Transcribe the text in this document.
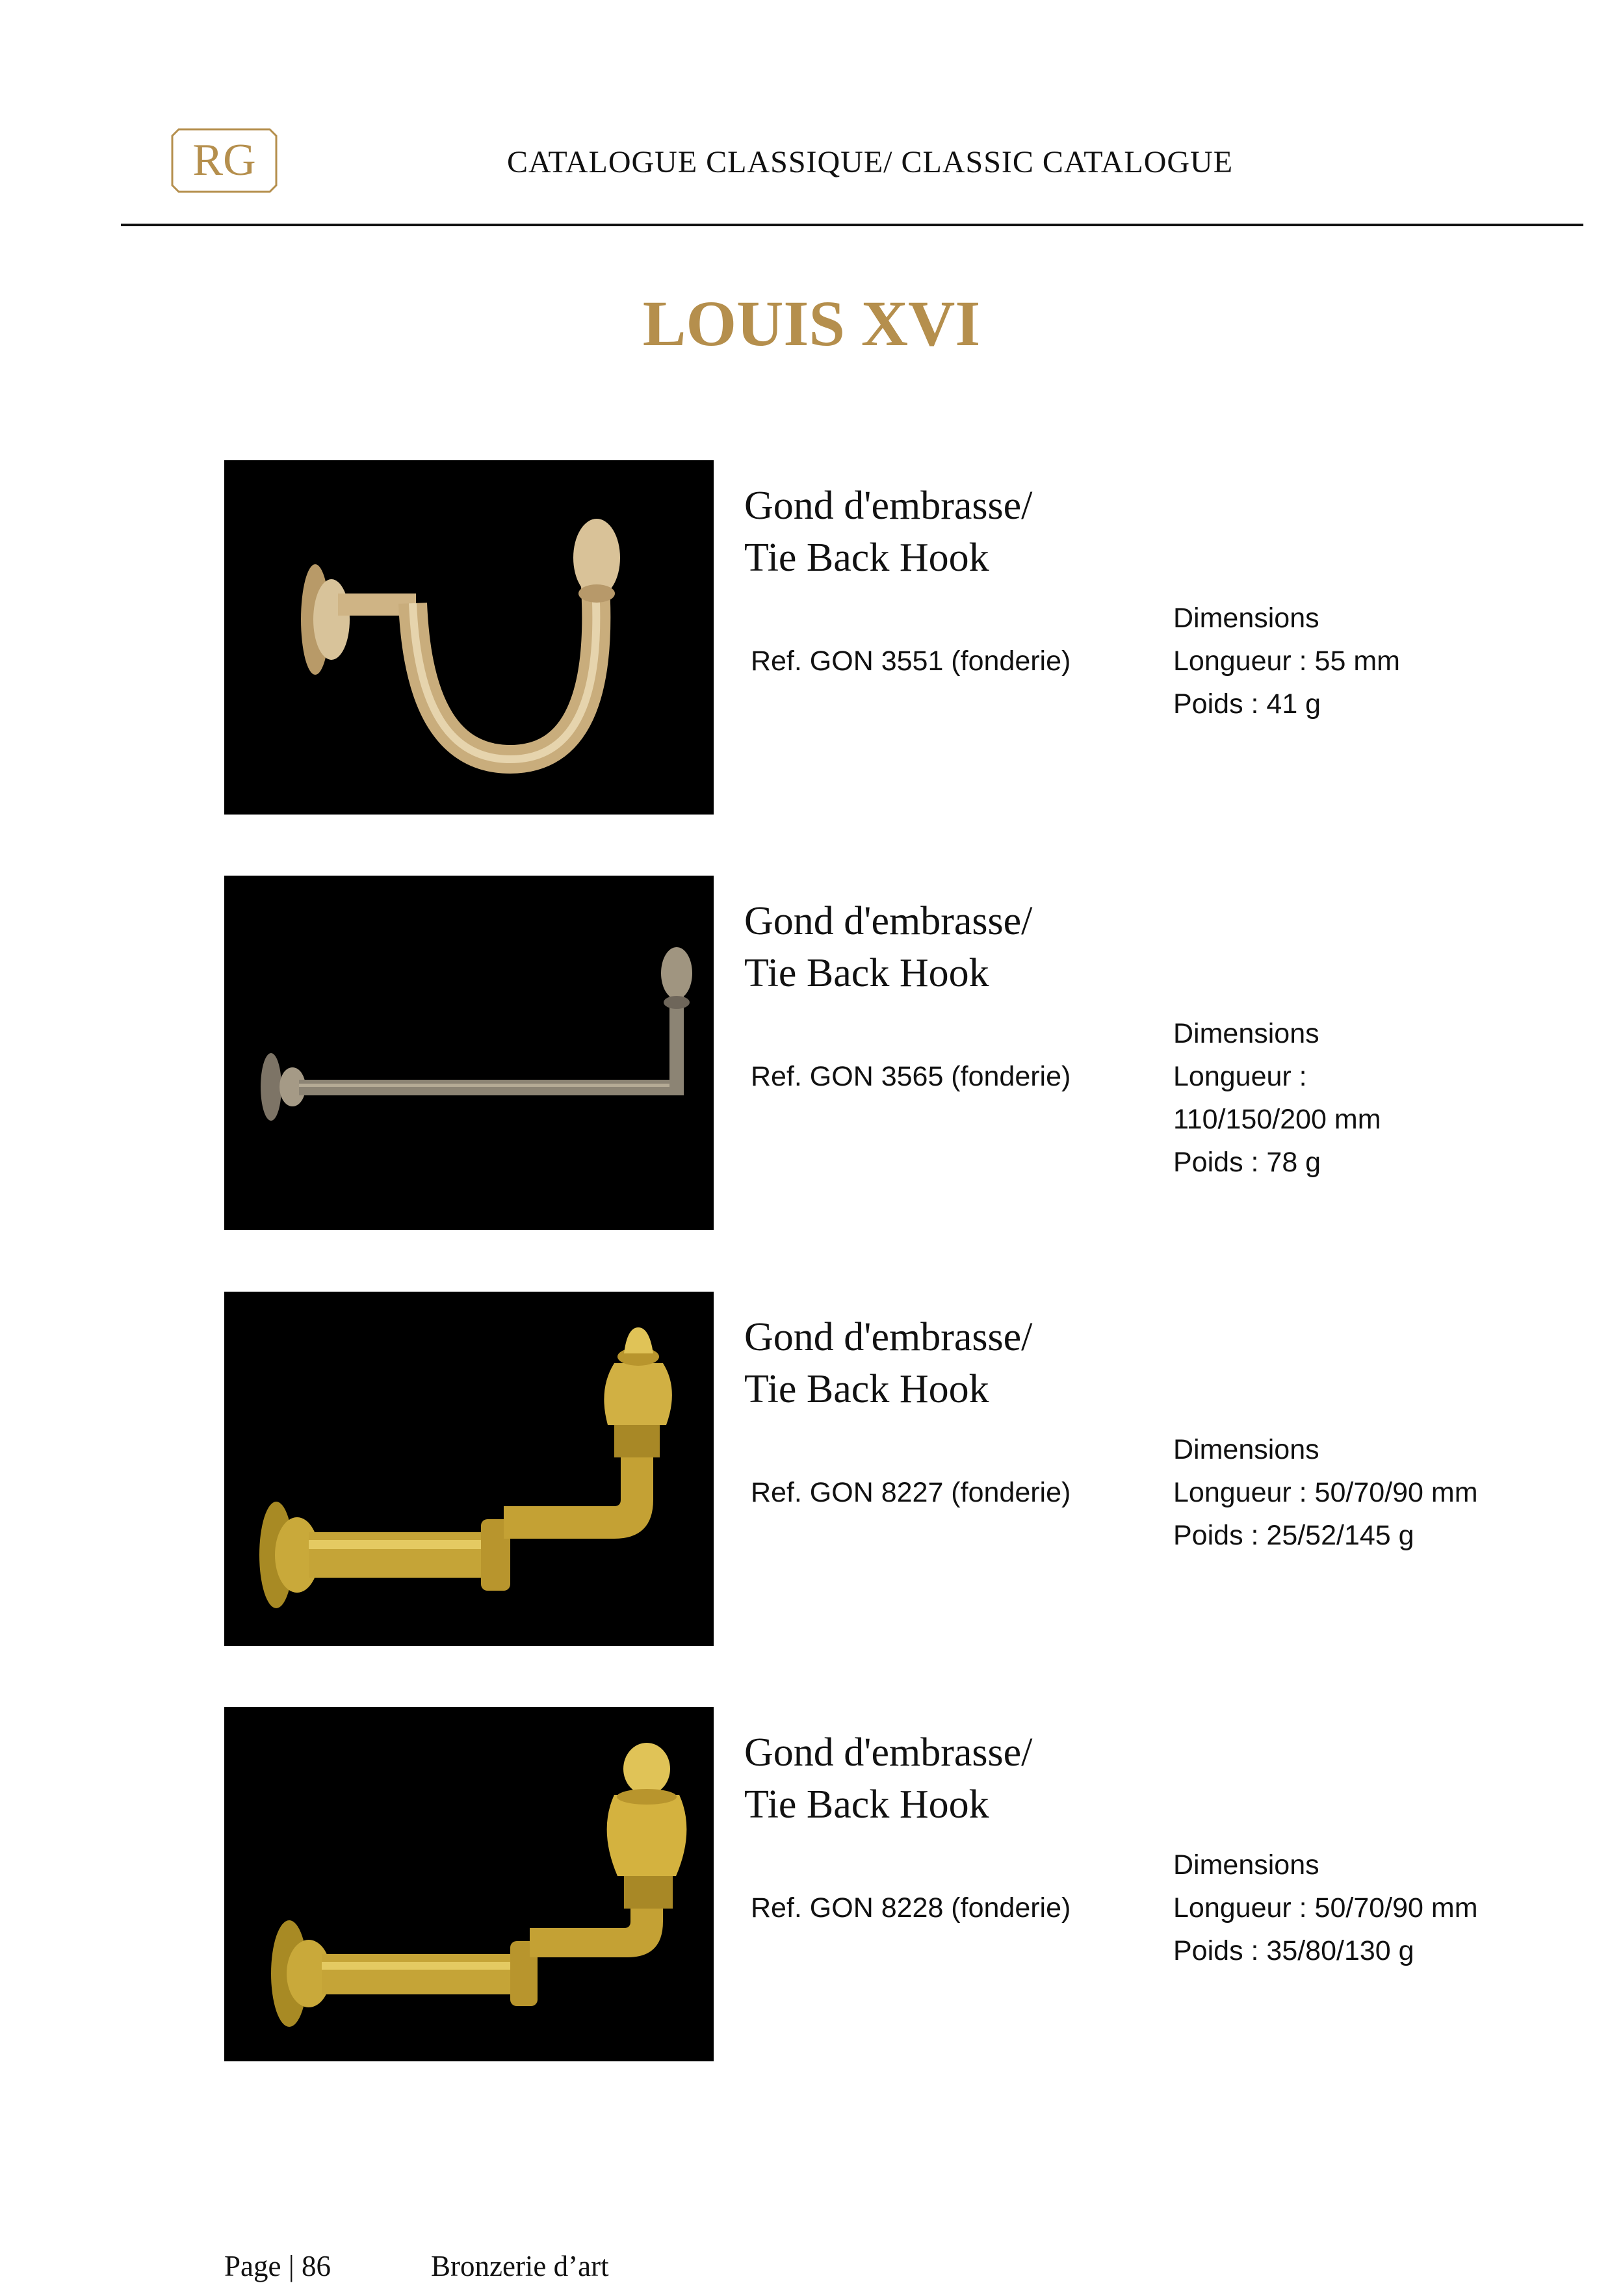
RG	CATALOGUE CLASSIQUE/ CLASSIC CATALOGUE
LOUIS XVI
Gond d'embrasse/
Tie Back Hook
Ref. GON 3551 (fonderie)
Dimensions
Longueur : 55 mm
Poids : 41 g
Gond d'embrasse/
Tie Back Hook
Ref. GON 3565 (fonderie)
Dimensions
Longueur :
110/150/200 mm
Poids : 78 g
Gond d'embrasse/
Tie Back Hook
Ref. GON 8227 (fonderie)
Dimensions
Longueur : 50/70/90 mm
Poids : 25/52/145 g
Gond d'embrasse/
Tie Back Hook
Ref. GON 8228 (fonderie)
Dimensions
Longueur : 50/70/90 mm
Poids : 35/80/130 g
Page | 86	Bronzerie d’art
